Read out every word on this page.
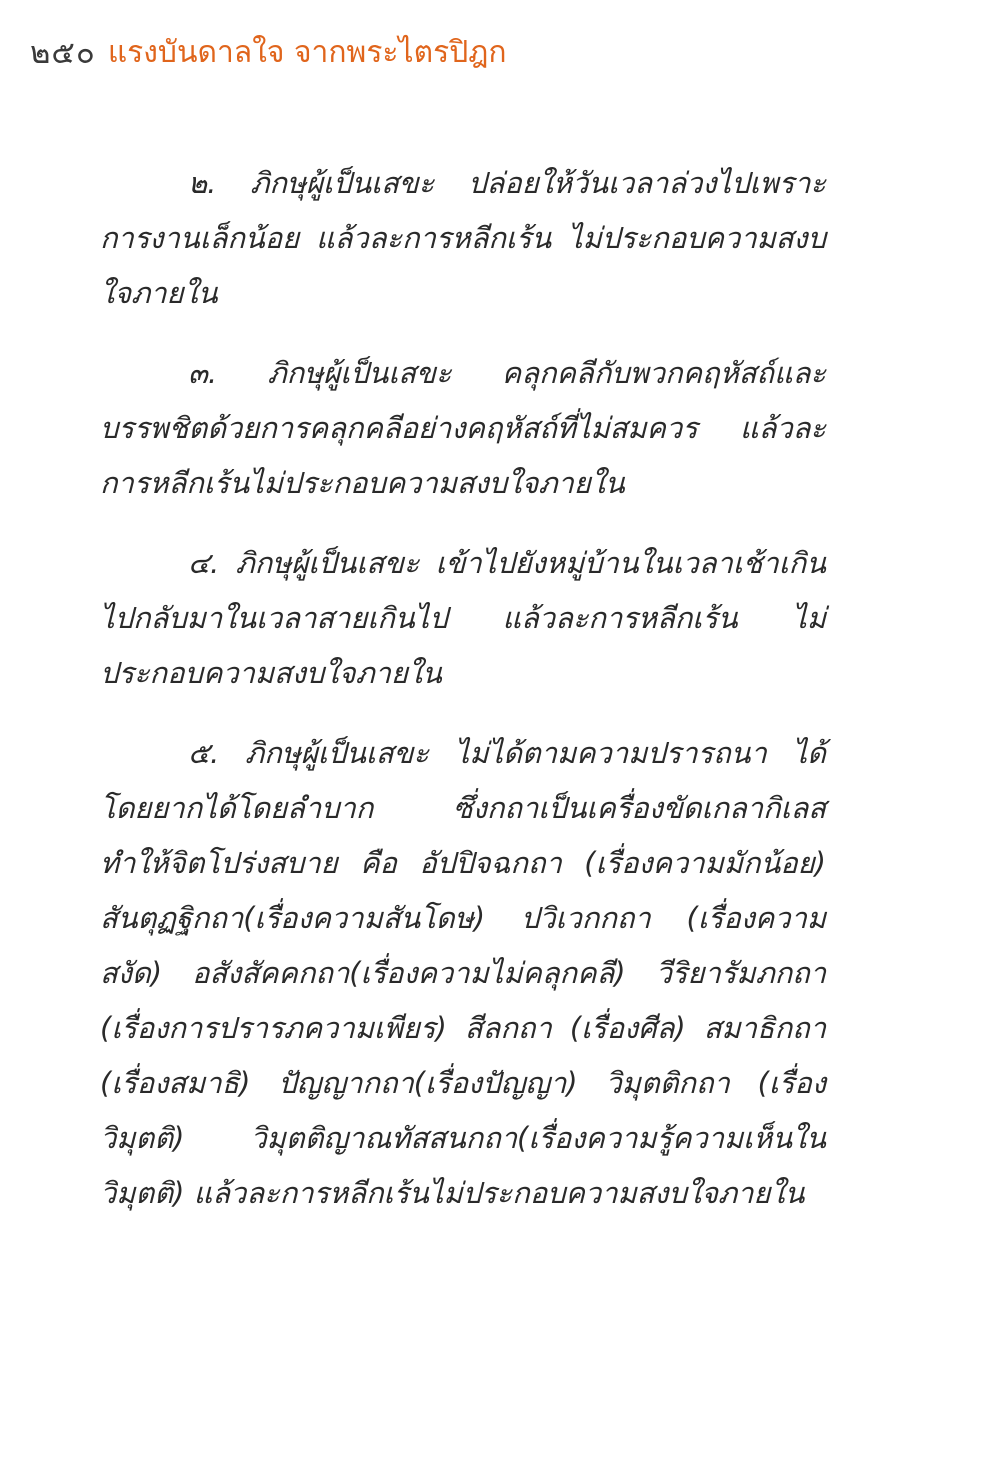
๒๕๐ แรงบันดาลใจ จากพระไตรปิฎก

๒. ภิกษุผู้เป็นเสขะ ปล่อยให้วันเวลาล่วงไปเพราะการงานเล็กน้อย แล้วละการหลีกเร้น ไม่ประกอบความสงบใจภายใน

๓. ภิกษุผู้เป็นเสขะ คลุกคลีกับพวกคฤหัสถ์และบรรพชิตด้วยการคลุกคลีอย่างคฤหัสถ์ที่ไม่สมควร แล้วละการหลีกเร้นไม่ประกอบความสงบใจภายใน

๔. ภิกษุผู้เป็นเสขะ เข้าไปยังหมู่บ้านในเวลาเช้าเกินไปกลับมาในเวลาสายเกินไป แล้วละการหลีกเร้น ไม่ประกอบความสงบใจภายใน

๕. ภิกษุผู้เป็นเสขะ ไม่ได้ตามความปรารถนา ได้โดยยากได้โดยลำบาก ซึ่งกถาเป็นเครื่องขัดเกลากิเลส ทำให้จิตโปร่งสบาย คือ อัปปิจฉกถา (เรื่องความมักน้อย) สันตุฏฐิกถา(เรื่องความสันโดษ) ปวิเวกกถา (เรื่องความสงัด) อสังสัคคกถา(เรื่องความไม่คลุกคลี) วีริยารัมภกถา (เรื่องการปรารภความเพียร) สีลกถา (เรื่องศีล) สมาธิกถา (เรื่องสมาธิ) ปัญญากถา(เรื่องปัญญา) วิมุตติกถา (เรื่องวิมุตติ) วิมุตติญาณทัสสนกถา(เรื่องความรู้ความเห็นในวิมุตติ) แล้วละการหลีกเร้นไม่ประกอบความสงบใจภายใน
